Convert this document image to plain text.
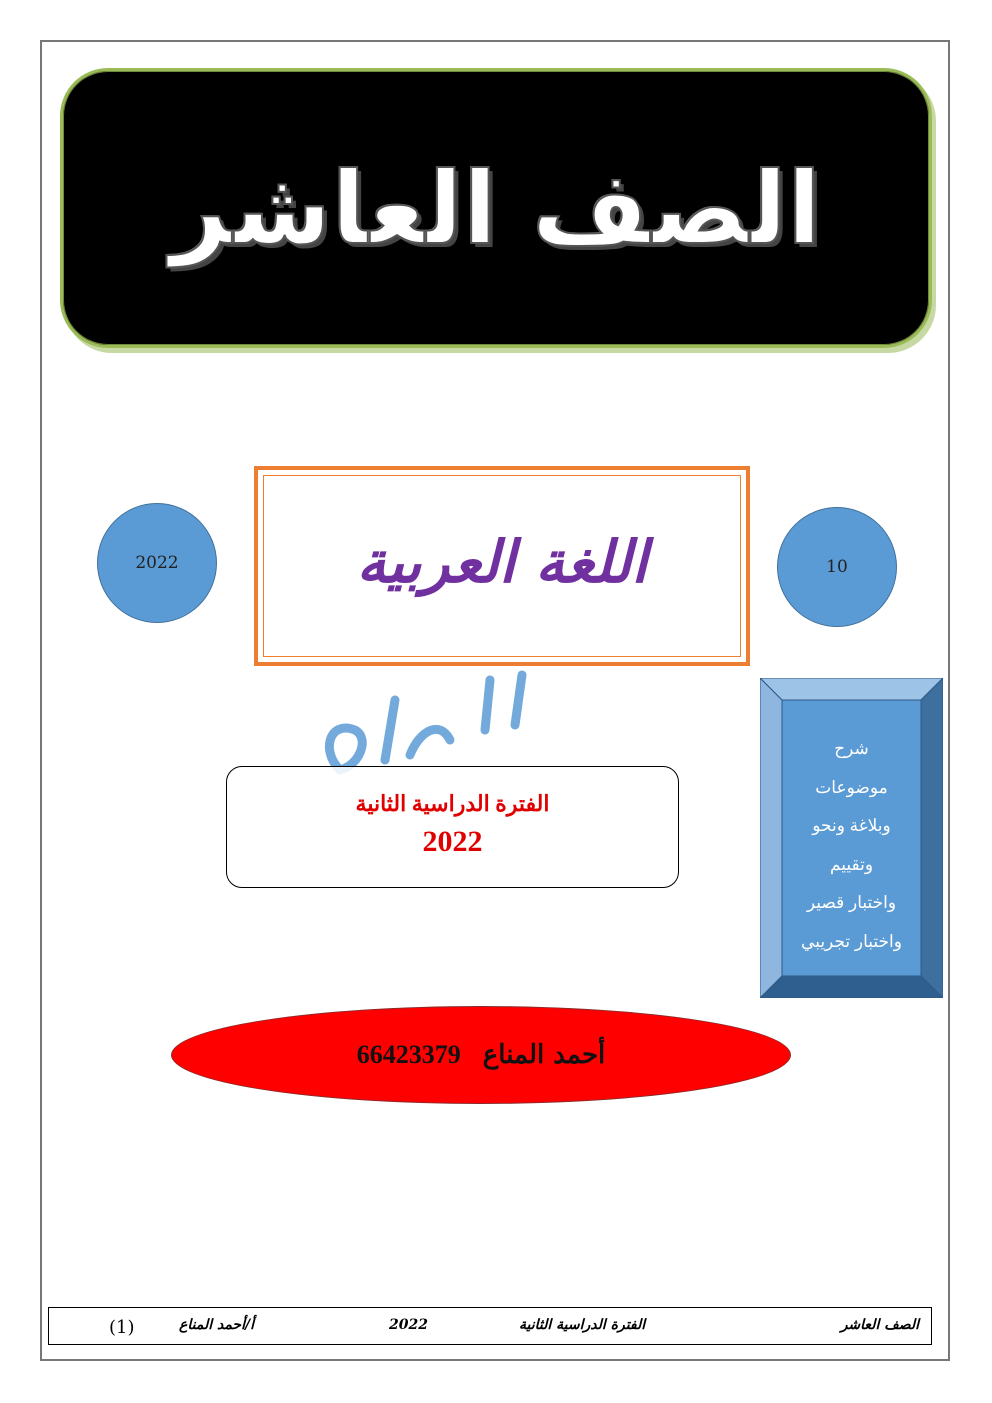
الصف العاشر
2022	10
اللغة العربية
الفترة الدراسية الثانية
2022
شرح
موضوعات
وبلاغة ونحو
وتقييم
واختبار قصير
واختبار تجريبي
أحمد المناع
66423379
الصف العاشر
الفترة الدراسية الثانية
2022
أ/أحمد المناع
(1)
